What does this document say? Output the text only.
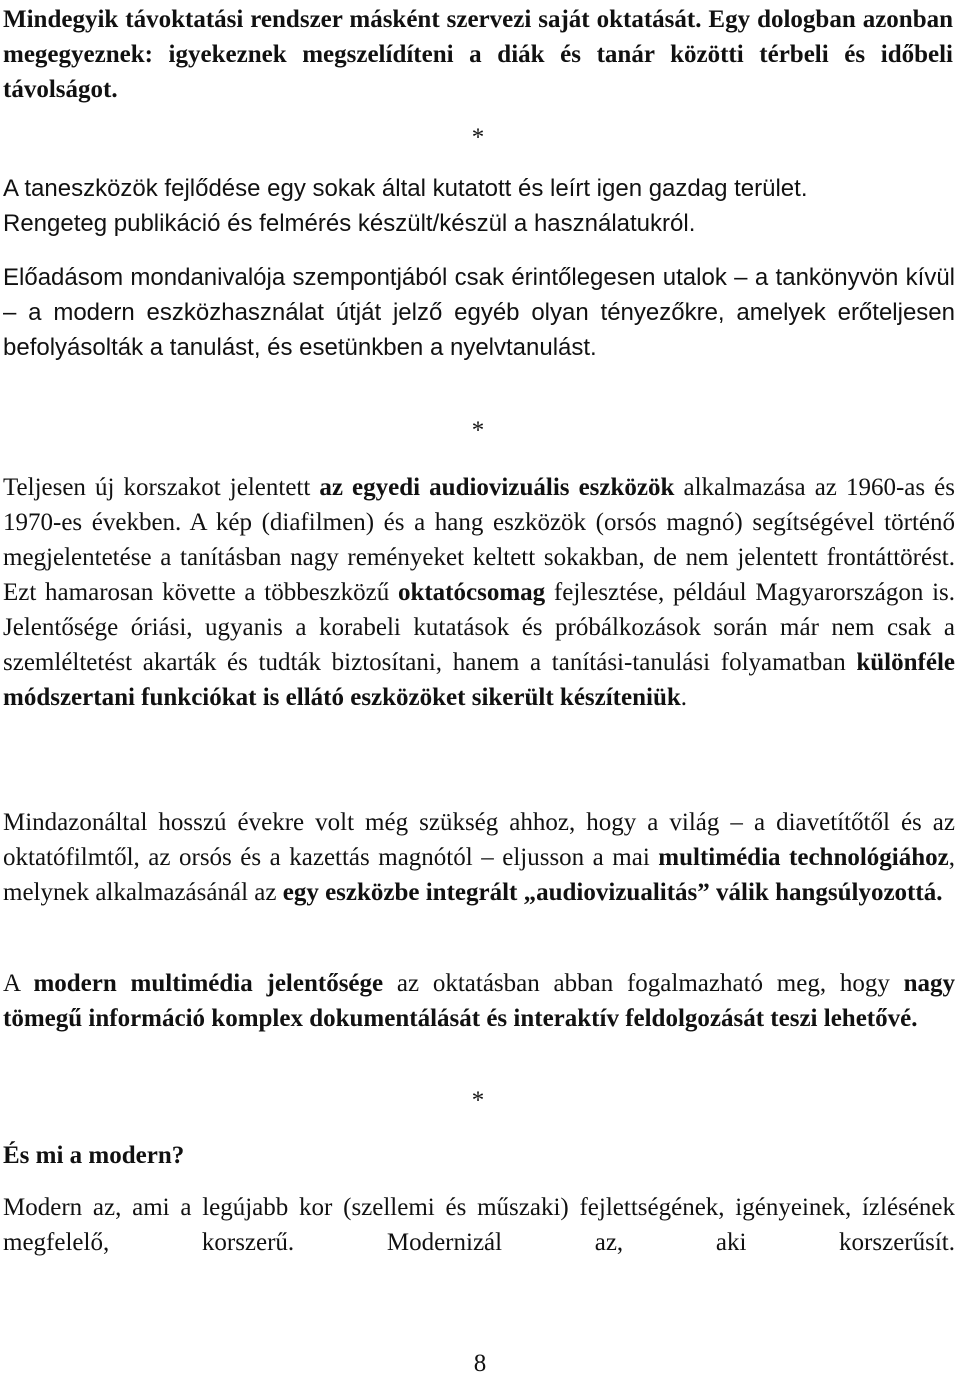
Mindegyik távoktatási rendszer másként szervezi saját oktatását. Egy dologban azonban megegyeznek: igyekeznek megszelídíteni a diák és tanár közötti térbeli és időbeli távolságot.

*
A taneszközök fejlődése egy sokak által kutatott és leírt igen gazdag terület.
Rengeteg publikáció és felmérés készült/készül a használatukról.

Előadásom mondanivalója szempontjából csak érintőlegesen utalok – a tankönyvön kívül – a modern eszközhasználat útját jelző egyéb olyan tényezőkre, amelyek erőteljesen befolyásolták a tanulást, és esetünkben a nyelvtanulást.

*

Teljesen új korszakot jelentett az egyedi audiovizuális eszközök alkalmazása az 1960-as és 1970-es években. A kép (diafilmen) és a hang eszközök (orsós magnó) segítségével történő megjelentetése a tanításban nagy reményeket keltett sokakban, de nem jelentett frontáttörést. Ezt hamarosan követte a többeszközű oktatócsomag fejlesztése, például Magyarországon is. Jelentősége óriási, ugyanis a korabeli kutatások és próbálkozások során már nem csak a szemléltetést akarták és tudták biztosítani, hanem a tanítási-tanulási folyamatban különféle módszertani funkciókat is ellátó eszközöket sikerült készíteniük.

Mindazonáltal hosszú évekre volt még szükség ahhoz, hogy a világ – a diavetítőtől és az oktatófilmtől, az orsós és a kazettás magnótól – eljusson a mai multimédia technológiához, melynek alkalmazásánál az egy eszközbe integrált „audiovizualitás” válik hangsúlyozottá.

A modern multimédia jelentősége az oktatásban abban fogalmazható meg, hogy nagy tömegű információ komplex dokumentálását és interaktív feldolgozását teszi lehetővé.

*
És mi a modern?

Modern az, ami a legújabb kor (szellemi és műszaki) fejlettségének, igényeinek, ízlésének megfelelő, korszerű. Modernizál az, aki korszerűsít.

8
